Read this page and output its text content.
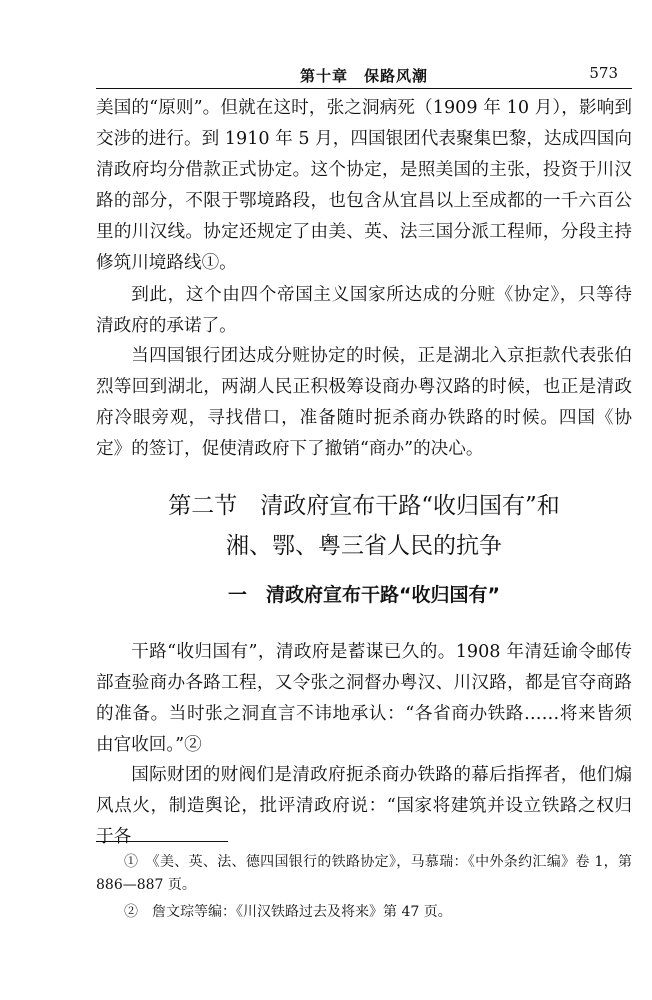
第十章　保路风潮	573
美国的“原则”。但就在这时，张之洞病死（1909 年 10 月），影响到交涉的进行。到 1910 年 5 月，四国银团代表聚集巴黎，达成四国向清政府均分借款正式协定。这个协定，是照美国的主张，投资于川汉路的部分，不限于鄂境路段，也包含从宜昌以上至成都的一千六百公里的川汉线。协定还规定了由美、英、法三国分派工程师，分段主持修筑川境路线①。
到此，这个由四个帝国主义国家所达成的分赃《协定》，只等待清政府的承诺了。
当四国银行团达成分赃协定的时候，正是湖北入京拒款代表张伯烈等回到湖北，两湖人民正积极筹设商办粤汉路的时候，也正是清政府冷眼旁观，寻找借口，准备随时扼杀商办铁路的时候。四国《协定》的签订，促使清政府下了撤销“商办”的决心。
第二节　清政府宣布干路“收归国有”和
湘、鄂、粤三省人民的抗争
一　清政府宣布干路“收归国有”
干路“收归国有”，清政府是蓄谋已久的。1908 年清廷谕令邮传部查验商办各路工程，又令张之洞督办粤汉、川汉路，都是官夺商路的准备。当时张之洞直言不讳地承认：“各省商办铁路……将来皆须由官收回。”②
国际财团的财阀们是清政府扼杀商办铁路的幕后指挥者，他们煽风点火，制造舆论，批评清政府说：“国家将建筑并设立铁路之权归于各
①　《美、英、法、德四国银行的铁路协定》，马慕瑞：《中外条约汇编》卷 1，第 886—887 页。
②　詹文琮等编：《川汉铁路过去及将来》第 47 页。
